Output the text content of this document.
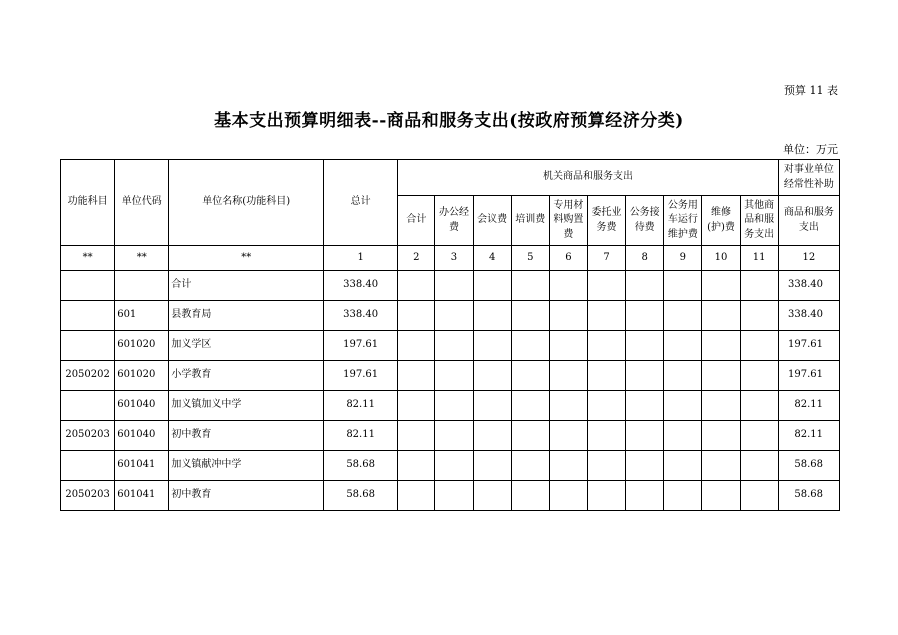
预算 11 表
基本支出预算明细表--商品和服务支出(按政府预算经济分类)
单位：万元
功能科目	单位代码	单位名称(功能科目)	总计	机关商品和服务支出										对事业单位经常性补助
				合计	办公经费	会议费	培训费	专用材料购置费	委托业务费	公务接待费	公务用车运行维护费	维修(护)费	其他商品和服务支出	商品和服务支出
**	**	**	1	2	3	4	5	6	7	8	9	10	11	12
		合计	338.40											338.40
	601	县教育局	338.40											338.40
	601020	加义学区	197.61											197.61
2050202	601020	小学教育	197.61											197.61
	601040	加义镇加义中学	82.11											82.11
2050203	601040	初中教育	82.11											82.11
	601041	加义镇献冲中学	58.68											58.68
2050203	601041	初中教育	58.68											58.68
